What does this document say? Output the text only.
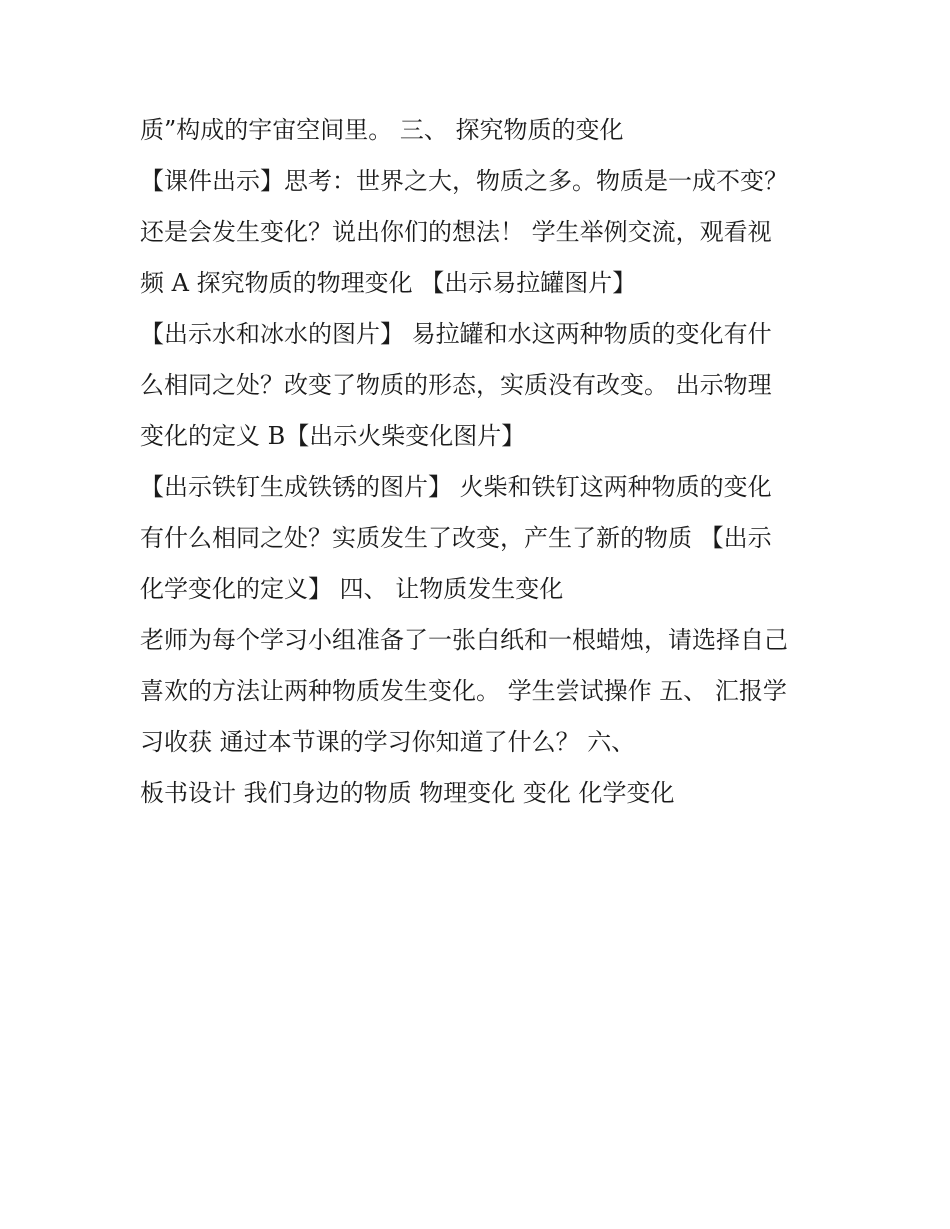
质”构成的宇宙空间里。 三、 探究物质的变化
【课件出示】思考：世界之大，物质之多。物质是一成不变？
还是会发生变化？说出你们的想法！ 学生举例交流，观看视
频 A 探究物质的物理变化 【出示易拉罐图片】
【出示水和冰水的图片】 易拉罐和水这两种物质的变化有什
么相同之处？改变了物质的形态，实质没有改变。 出示物理
变化的定义 B【出示火柴变化图片】
【出示铁钉生成铁锈的图片】 火柴和铁钉这两种物质的变化
有什么相同之处？实质发生了改变，产生了新的物质 【出示
化学变化的定义】 四、 让物质发生变化
老师为每个学习小组准备了一张白纸和一根蜡烛，请选择自己
喜欢的方法让两种物质发生变化。 学生尝试操作 五、 汇报学
习收获 通过本节课的学习你知道了什么？ 六、
板书设计 我们身边的物质 物理变化 变化 化学变化
